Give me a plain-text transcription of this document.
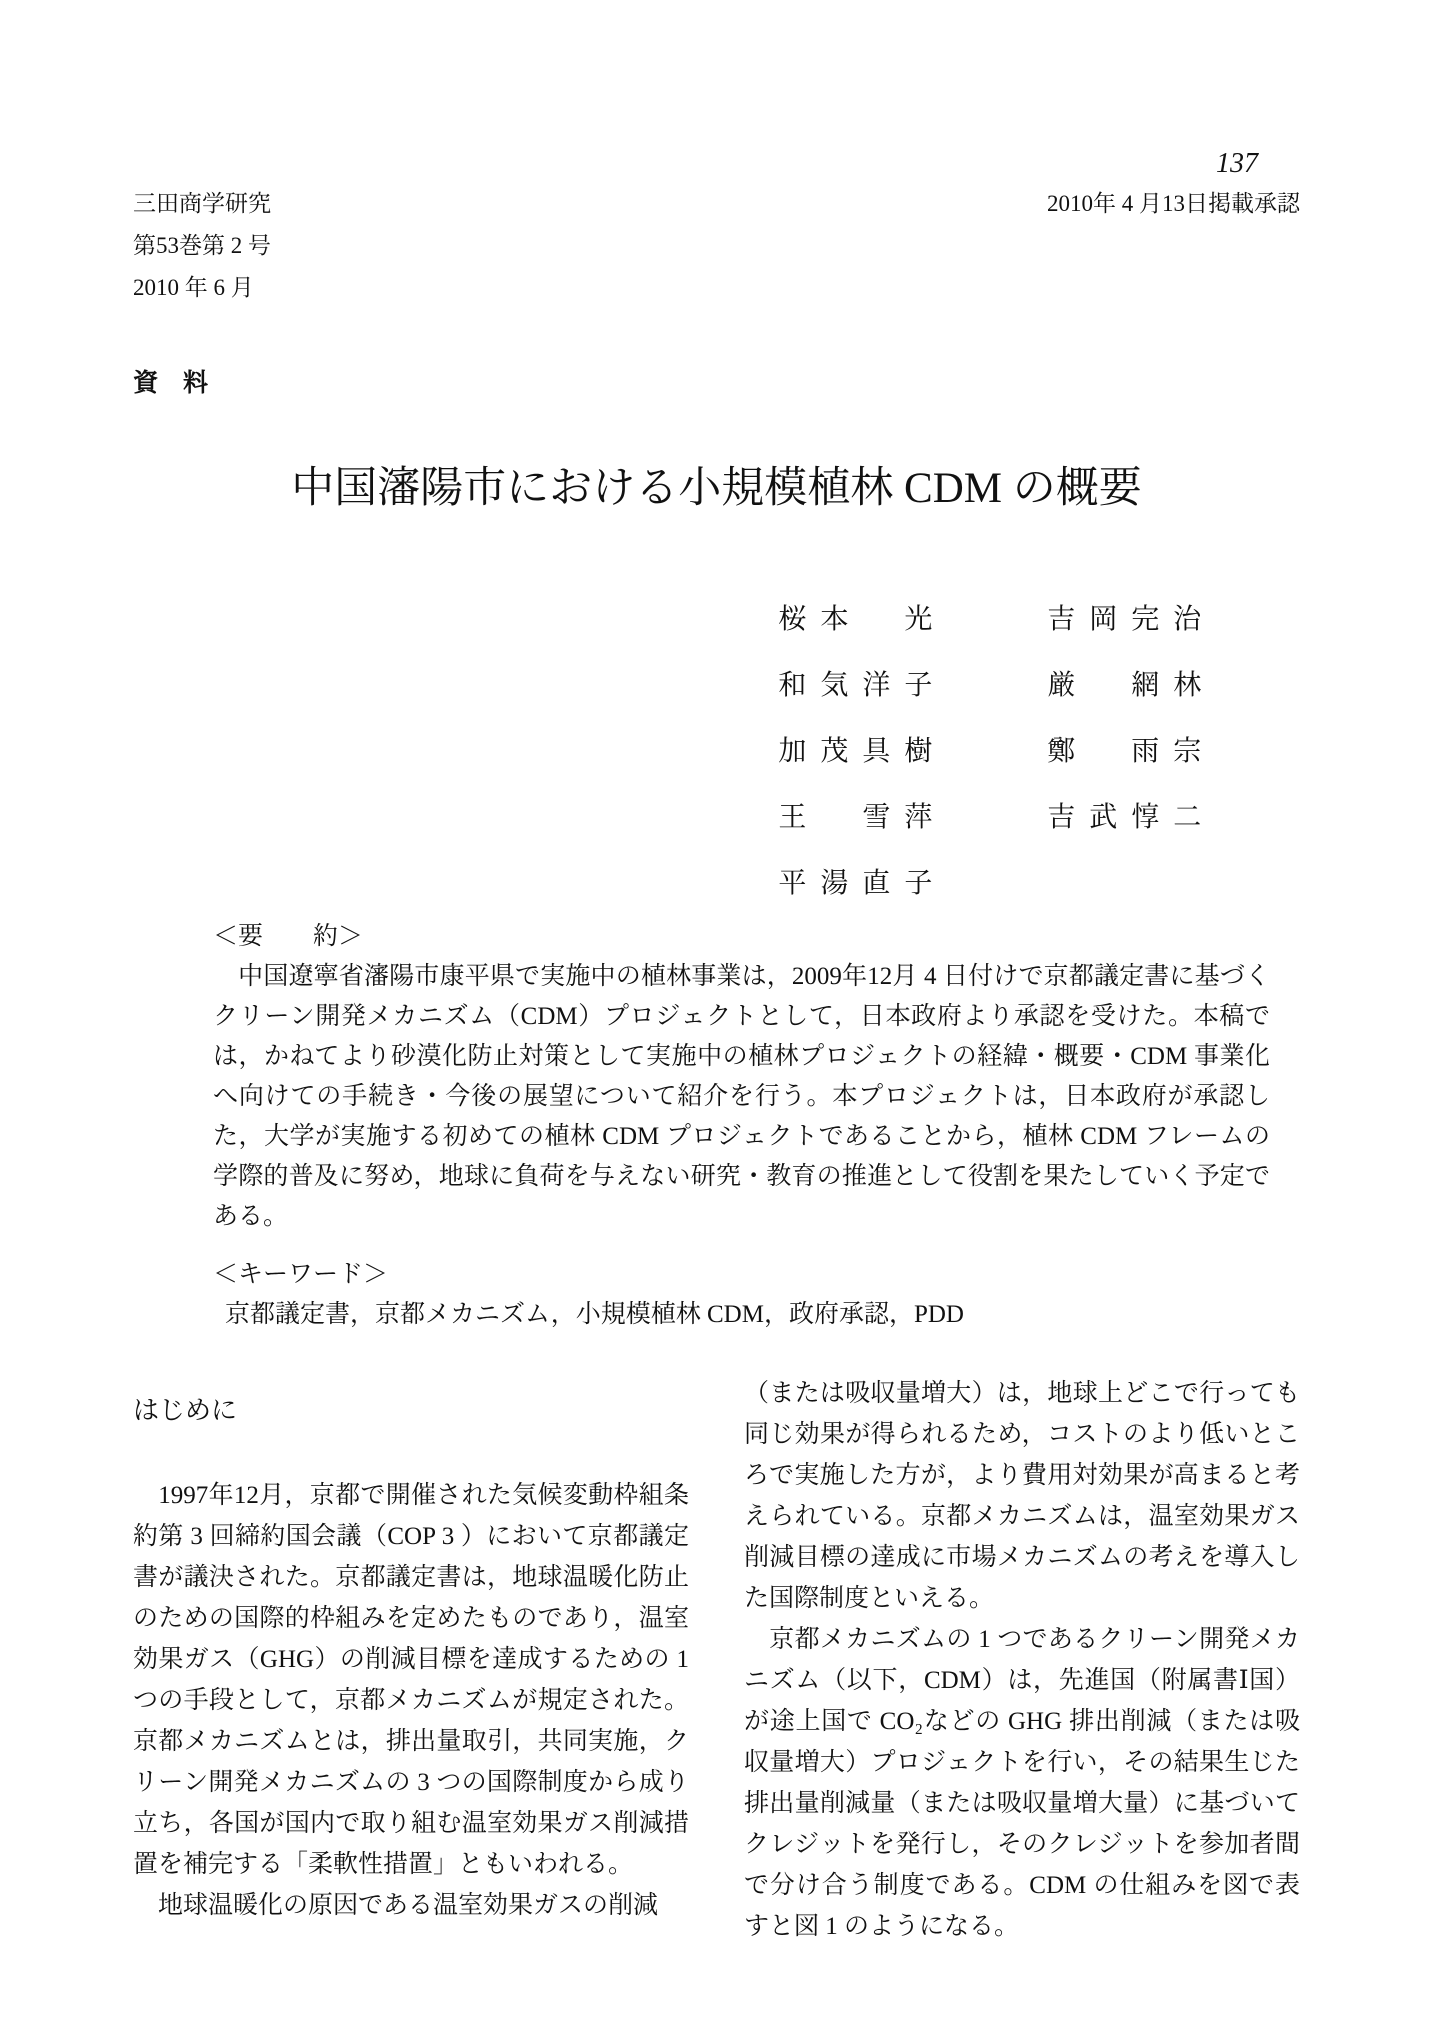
137
三田商学研究
第53巻第 2 号
2010 年 6 月
2010年 4 月13日掲載承認
資　料
中国瀋陽市における小規模植林 CDM の概要
桜本　光	吉岡完治
和気洋子	厳　網林
加茂具樹	鄭　雨宗
王　雪萍	吉武惇二
平湯直子
＜要　　約＞
　中国遼寧省瀋陽市康平県で実施中の植林事業は，2009年12月 4 日付けで京都議定書に基づくクリーン開発メカニズム（CDM）プロジェクトとして，日本政府より承認を受けた。本稿では，かねてより砂漠化防止対策として実施中の植林プロジェクトの経緯・概要・CDM 事業化へ向けての手続き・今後の展望について紹介を行う。本プロジェクトは，日本政府が承認した，大学が実施する初めての植林 CDM プロジェクトであることから，植林 CDM フレームの学際的普及に努め，地球に負荷を与えない研究・教育の推進として役割を果たしていく予定である。
＜キーワード＞
京都議定書，京都メカニズム，小規模植林 CDM，政府承認，PDD
はじめに

　1997年12月，京都で開催された気候変動枠組条約第 3 回締約国会議（COP 3 ）において京都議定書が議決された。京都議定書は，地球温暖化防止のための国際的枠組みを定めたものであり，温室効果ガス（GHG）の削減目標を達成するための 1 つの手段として，京都メカニズムが規定された。京都メカニズムとは，排出量取引，共同実施，クリーン開発メカニズムの 3 つの国際制度から成り立ち，各国が国内で取り組む温室効果ガス削減措置を補完する「柔軟性措置」ともいわれる。

　地球温暖化の原因である温室効果ガスの削減

（または吸収量増大）は，地球上どこで行っても同じ効果が得られるため，コストのより低いところで実施した方が，より費用対効果が高まると考えられている。京都メカニズムは，温室効果ガス削減目標の達成に市場メカニズムの考えを導入した国際制度といえる。

　京都メカニズムの 1 つであるクリーン開発メカニズム（以下，CDM）は，先進国（附属書Ⅰ国）が途上国で CO₂などの GHG 排出削減（または吸収量増大）プロジェクトを行い，その結果生じた排出量削減量（または吸収量増大量）に基づいてクレジットを発行し，そのクレジットを参加者間で分け合う制度である。CDM の仕組みを図で表すと図 1 のようになる。
